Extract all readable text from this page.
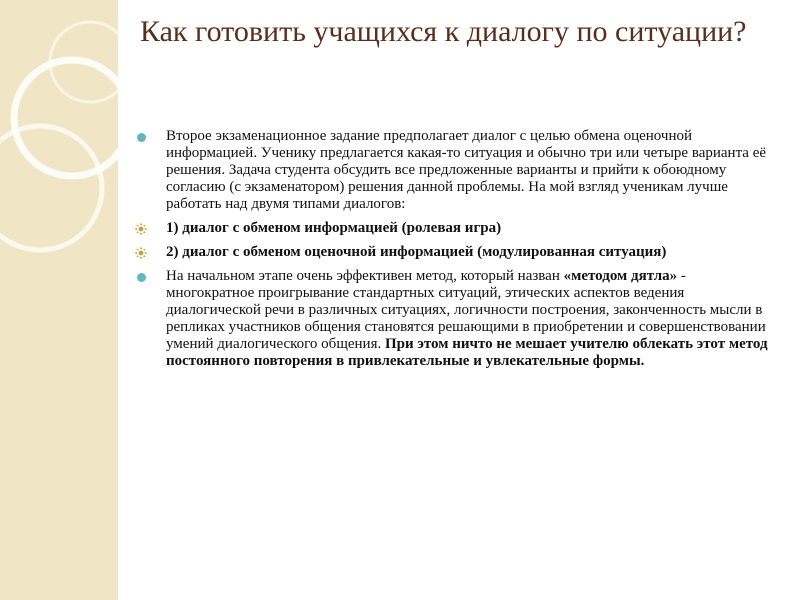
Как готовить учащихся к диалогу по ситуации?
Второе экзаменационное задание предполагает диалог с целью обмена оценочной информацией. Ученику предлагается какая-то ситуация и обычно три или четыре варианта её решения. Задача студента обсудить все предложенные варианты и прийти к обоюдному согласию (с экзаменатором) решения данной проблемы. На мой взгляд ученикам лучше работать над двумя типами диалогов:
1) диалог с обменом информацией (ролевая игра)
2) диалог с обменом оценочной информацией (модулированная ситуация)
На начальном этапе очень эффективен метод, который назван «методом дятла» - многократное проигрывание стандартных ситуаций, этических аспектов ведения диалогической речи в различных ситуациях, логичности построения, законченность мысли в репликах участников общения становятся решающими в приобретении и совершенствовании умений диалогического общения. При этом ничто не мешает учителю облекать этот метод постоянного повторения в привлекательные и увлекательные формы.
